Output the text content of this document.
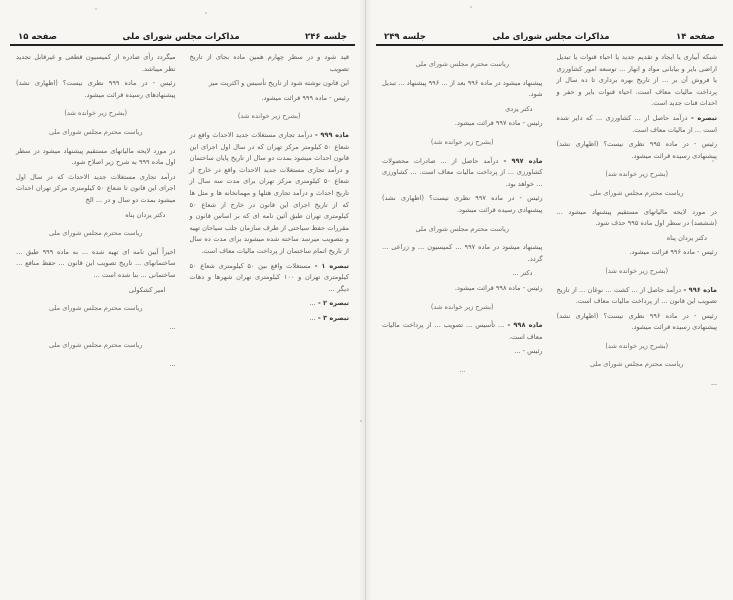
صفحه ۱۵	مذاکرات مجلس شورای ملی	جلسه ۲۴۶

قید شود و در سطر چهارم همین ماده بجای از تاریخ تصویب

این قانون نوشته شود از تاریخ تأسیس و اکثریت میز

رئیس - ماده ۹۹۹ قرائت میشود.

(بشرح زیر خوانده شد)

ماده ۹۹۹ - درآمد تجاری مستغلات جدید الاحداث واقع در شعاع ۵۰ کیلومتر مرکز تهران که در سال اول اجرای این قانون احداث میشود بمدت دو سال از تاریخ پایان ساختمان و درآمد تجاری مستغلات جدید الاحداث واقع در خارج از شعاع ۵۰ کیلومتری مرکز تهران برای مدت سه سال از تاریخ احداث و درآمد تجاری هتلها و مهمانخانه ها و متل ها که از تاریخ اجرای این قانون در خارج از شعاع ۵۰ کیلومتری تهران طبق آئین نامه ای که بر اساس قانون و مقررات حفظ سیاحتی از طرف سازمان جلب سیاحان تهیه و بتصویب میرسد ساخته شده میشوند برای مدت ده سال از تاریخ اتمام ساختمان از پرداخت مالیات معاف است.

تبصره ۱ - مستغلات واقع بین ۵۰ کیلومتری شعاع ۵۰ کیلومتری تهران و ۱۰۰ کیلومتری تهران شهرها و دهات دیگر ...

تبصره ۲ - ...

تبصره ۳ - ...

میگردد رأی صادره از کمیسیون قطعی و غیرقابل تجدید نظر میباشد.

رئیس - در ماده ۹۹۹ نظری نیست؟ (اظهاری نشد) پیشنهادهای رسیده قرائت میشود.

(بشرح زیر خوانده شد)

ریاست محترم مجلس شورای ملی

در مورد لایحه مالیاتهای مستقیم پیشنهاد میشود در سطر اول ماده ۹۹۹ به شرح زیر اصلاح شود.

درآمد تجاری مستغلات جدید الاحداث که در سال اول اجرای این قانون تا شعاع ۵۰ کیلومتری مرکز تهران احداث میشود بمدت دو سال و در ... الخ

دکتر یزدان پناه

ریاست محترم مجلس شورای ملی

اخیراً آیین نامه ای تهیه شده ... به ماده ۹۹۹ طبق ... ساختمانهای ... تاریخ تصویب این قانون ... حفظ منافع ... ساختمانی ... بنا شده است ...

امیر کشکولی

ریاست محترم مجلس شورای ملی

...

ریاست محترم مجلس شورای ملی

...

جلسه ۲۴۹	مذاکرات مجلس شورای ملی	صفحه ۱۴

شبکه آبیاری یا ایجاد و تقدیم جدید یا احیاء قنوات یا تبدیل اراضی بایر و بیابانی مواد و انهار ... توسعه امور کشاورزی یا فروش آن بر ... از تاریخ بهره برداری تا ده سال از پرداخت مالیات معاف است. احیاء قنوات بایر و حفر و احداث قنات جدید است.

تبصره - درآمد حاصل از ... کشاورزی ... که دایر شده است ... از مالیات معاف است.

رئیس - در ماده ۹۹۵ نظری نیست؟ (اظهاری نشد) پیشنهادی رسیده قرائت میشود.

(بشرح زیر خوانده شد)

ریاست محترم مجلس شورای ملی

در مورد لایحه مالیاتهای مستقیم پیشنهاد میشود ... (ششصد) در سطر اول ماده ۹۹۵ حذف شود.

دکتر یزدان پناه

رئیس - ماده ۹۹۶ قرائت میشود.

(بشرح زیر خوانده شد)

ماده ۹۹۶ - درآمد حاصل از ... کشت ... نوغان ... از تاریخ تصویب این قانون ... از پرداخت مالیات معاف است.

رئیس - در ماده ۹۹۶ نظری نیست؟ (اظهاری نشد) پیشنهادی رسیده قرائت میشود.

(بشرح زیر خوانده شد)

ریاست محترم مجلس شورای ملی

...

ریاست محترم مجلس شورای ملی

پیشنهاد میشود در ماده ۹۹۶ بعد از ... ۹۹۶ پیشنهاد ... تبدیل شود.

دکتر یزدی

رئیس - ماده ۹۹۷ قرائت میشود.

(بشرح زیر خوانده شد)

ماده ۹۹۷ - درآمد حاصل از ... صادرات محصولات کشاورزی ... از پرداخت مالیات معاف است. ... کشاورزی ... خواهد بود.

رئیس - در ماده ۹۹۷ نظری نیست؟ (اظهاری نشد) پیشنهادی رسیده قرائت میشود.

ریاست محترم مجلس شورای ملی

پیشنهاد میشود در ماده ۹۹۷ ... کمیسیون ... و زراعی ... گردد.

دکتر ...

رئیس - ماده ۹۹۸ قرائت میشود.

(بشرح زیر خوانده شد)

ماده ۹۹۸ - ... تأسیس ... تصویب ... از پرداخت مالیات معاف است.

رئیس - ...

...
